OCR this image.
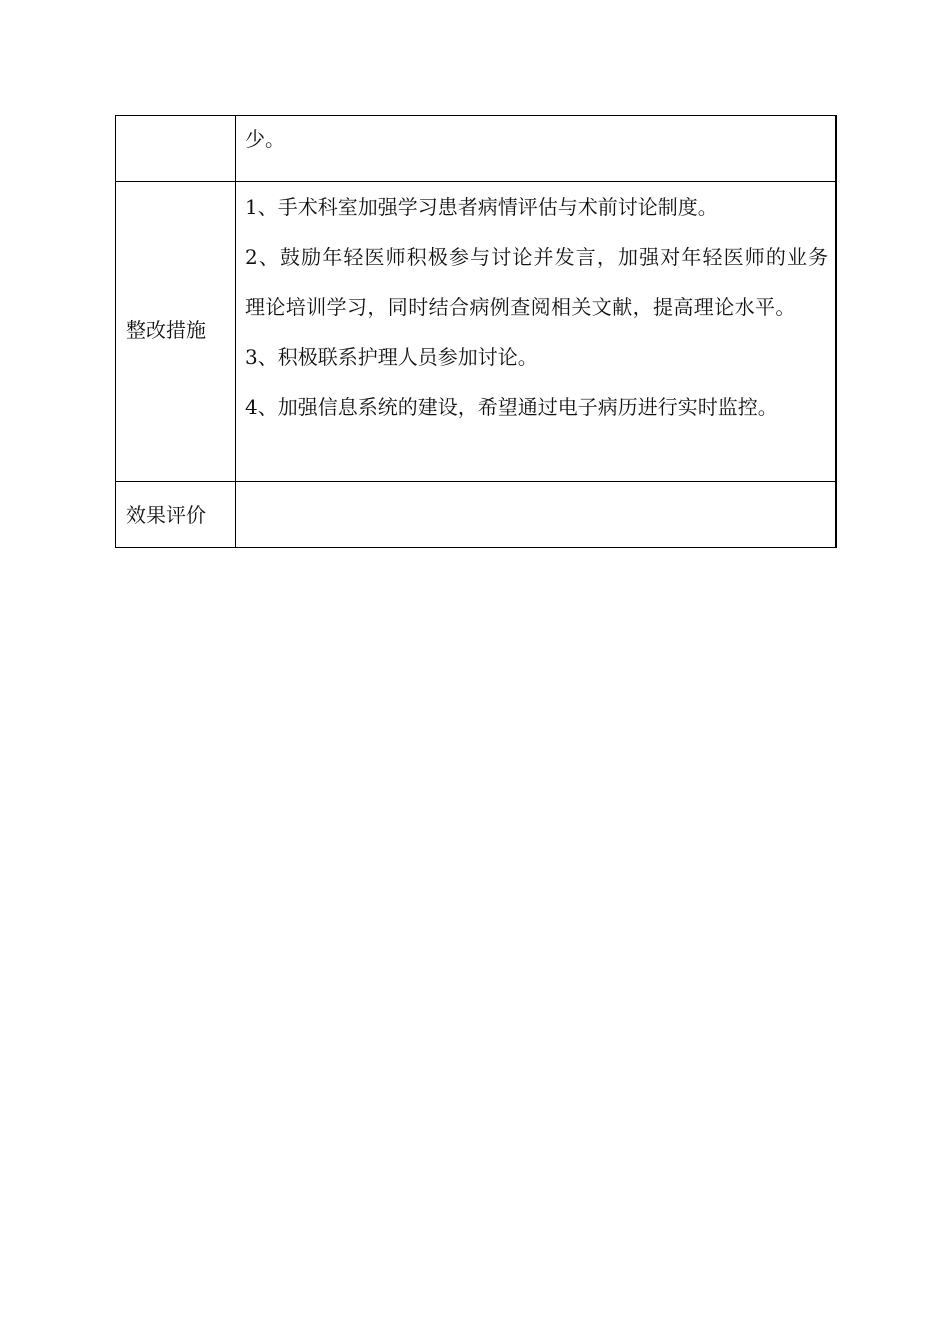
	少。

整改措施	1、手术科室加强学习患者病情评估与术前讨论制度。

2、鼓励年轻医师积极参与讨论并发言，加强对年轻医师的业务理论培训学习，同时结合病例查阅相关文献，提高理论水平。

3、积极联系护理人员参加讨论。

4、加强信息系统的建设，希望通过电子病历进行实时监控。

效果评价	
